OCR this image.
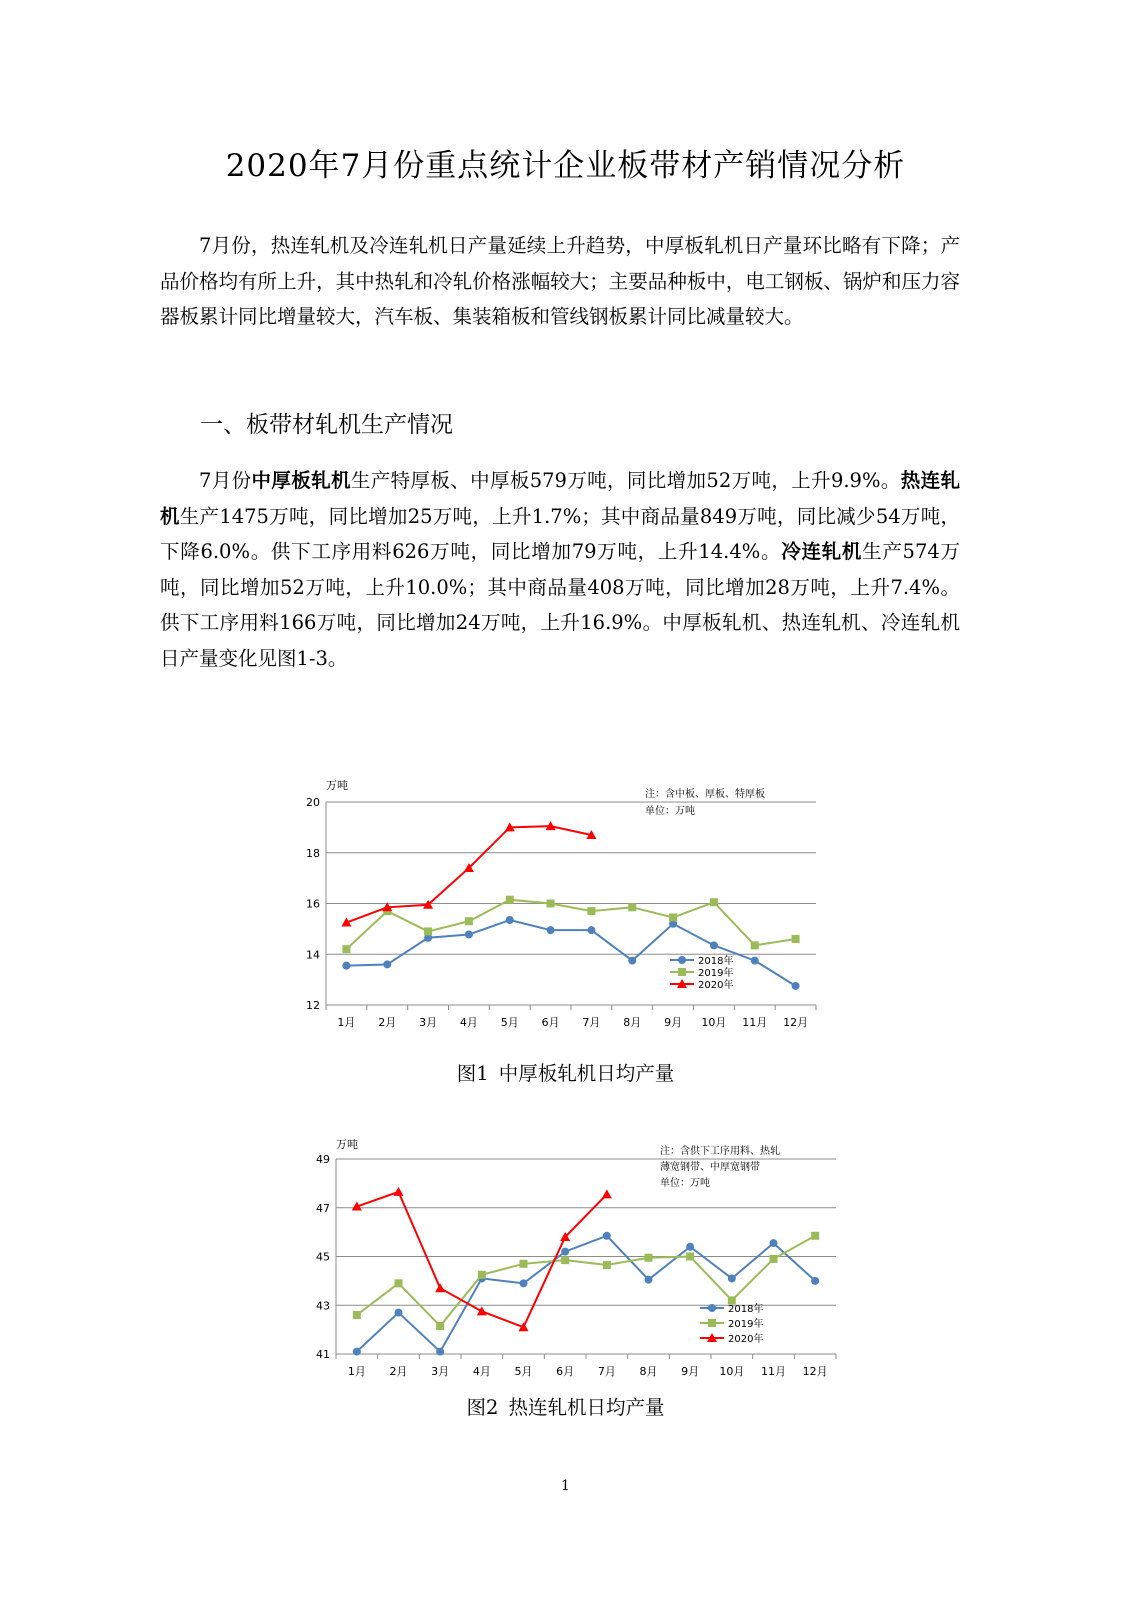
2020年7月份重点统计企业板带材产销情况分析
7月份，热连轧机及冷连轧机日产量延续上升趋势，中厚板轧机日产量环比略有下降；产品价格均有所上升，其中热轧和冷轧价格涨幅较大；主要品种板中，电工钢板、锅炉和压力容器板累计同比增量较大，汽车板、集装箱板和管线钢板累计同比减量较大。
一、板带材轧机生产情况
7月份中厚板轧机生产特厚板、中厚板579万吨，同比增加52万吨，上升9.9%。热连轧机生产1475万吨，同比增加25万吨，上升1.7%；其中商品量849万吨，同比减少54万吨，下降6.0%。供下工序用料626万吨，同比增加79万吨，上升14.4%。冷连轧机生产574万吨，同比增加52万吨，上升10.0%；其中商品量408万吨，同比增加28万吨，上升7.4%。供下工序用料166万吨，同比增加24万吨，上升16.9%。中厚板轧机、热连轧机、冷连轧机日产量变化见图1-3。
12
14
16
18
20
1月 2月 3月 4月 5月 6月 7月 8月 9月 10月 11月 12月
万吨
注：含中板、厚板、特厚板
单位：万吨
2018年
2019年
2020年
图1 中厚板轧机日均产量
41
43
45
47
49
1月 2月 3月 4月 5月 6月 7月 8月 9月 10月 11月 12月
万吨
注：含供下工序用料、热轧
薄宽钢带、中厚宽钢带
单位：万吨
2018年
2019年
2020年
图2 热连轧机日均产量
1
